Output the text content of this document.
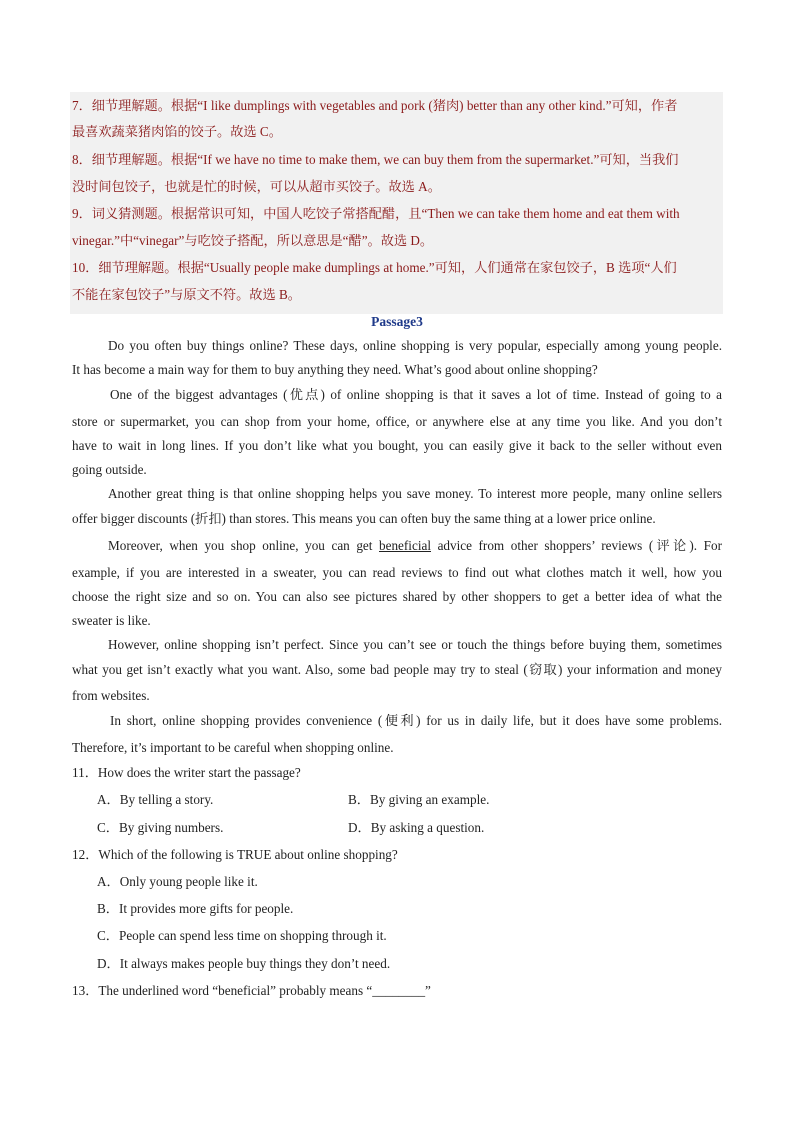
7．细节理解题。根据“I like dumplings with vegetables and pork (猪肉) better than any other kind.”可知，作者
最喜欢蔬菜猪肉馅的饺子。故选 C。
8．细节理解题。根据“If we have no time to make them, we can buy them from the supermarket.”可知，当我们
没时间包饺子，也就是忙的时候，可以从超市买饺子。故选 A。
9．词义猜测题。根据常识可知，中国人吃饺子常搭配醋，且“Then we can take them home and eat them with
vinegar.”中“vinegar”与吃饺子搭配，所以意思是“醋”。故选 D。
10．细节理解题。根据“Usually people make dumplings at home.”可知，人们通常在家包饺子，B 选项“人们
不能在家包饺子”与原文不符。故选 B。
Passage3
Do you often buy things online? These days, online shopping is very popular, especially among young people.
It has become a main way for them to buy anything they need. What’s good about online shopping?
One of the biggest advantages (优点) of online shopping is that it saves a lot of time. Instead of going to a
store or supermarket, you can shop from your home, office, or anywhere else at any time you like. And you don’t
have to wait in long lines. If you don’t like what you bought, you can easily give it back to the seller without even
going outside.
Another great thing is that online shopping helps you save money. To interest more people, many online sellers
offer bigger discounts (折扣) than stores. This means you can often buy the same thing at a lower price online.
Moreover, when you shop online, you can get beneficial advice from other shoppers’ reviews (评论). For
example, if you are interested in a sweater, you can read reviews to find out what clothes match it well, how you
choose the right size and so on. You can also see pictures shared by other shoppers to get a better idea of what the
sweater is like.
However, online shopping isn’t perfect. Since you can’t see or touch the things before buying them, sometimes
what you get isn’t exactly what you want. Also, some bad people may try to steal (窃取) your information and money
from websites.
In short, online shopping provides convenience (便利) for us in daily life, but it does have some problems.
Therefore, it’s important to be careful when shopping online.
11．How does the writer start the passage?
A．By telling a story.	B．By giving an example.
C．By giving numbers.	D．By asking a question.
12．Which of the following is TRUE about online shopping?
A．Only young people like it.
B．It provides more gifts for people.
C．People can spend less time on shopping through it.
D．It always makes people buy things they don’t need.
13．The underlined word “beneficial” probably means “________”
